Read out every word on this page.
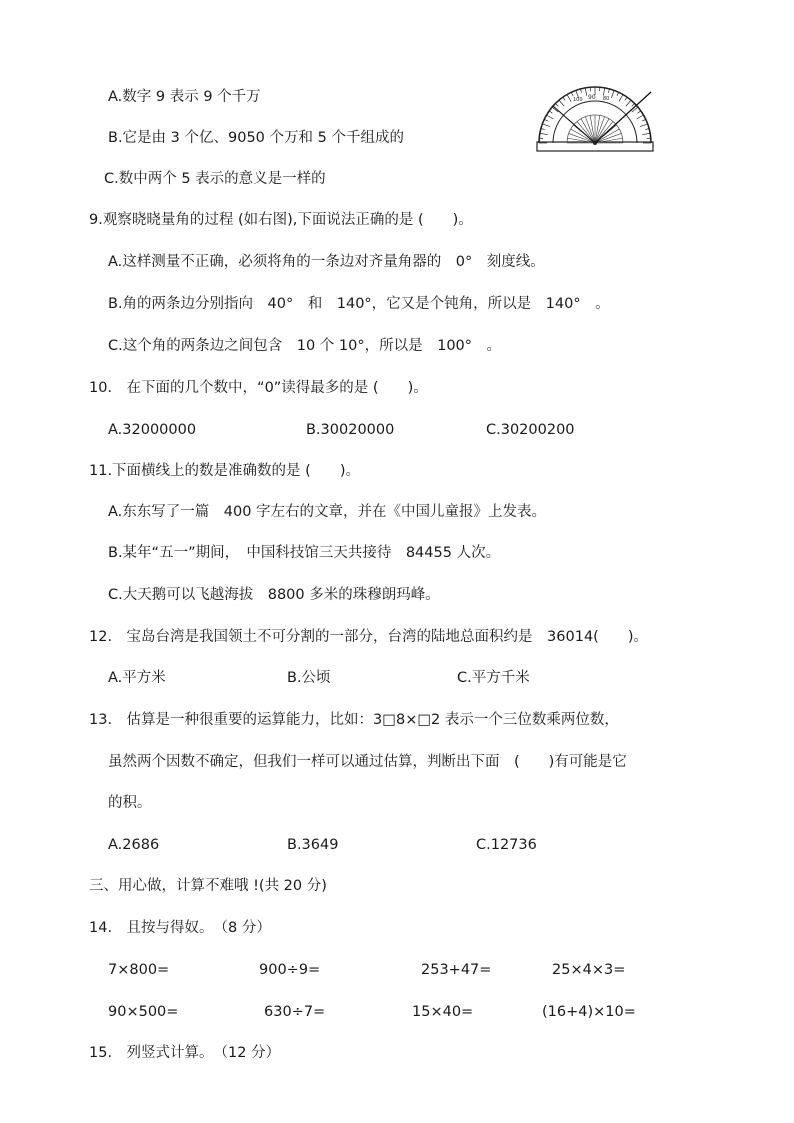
A.数字 9 表示 9 个千万
B.它是由 3 个亿、9050 个万和 5 个千组成的
C.数中两个 5 表示的意义是一样的
90 80
100
9.观察晓晓量角的过程 (如右图),下面说法正确的是 (　　)。
A.这样测量不正确，必须将角的一条边对齐量角器的　0°　刻度线。
B.角的两条边分别指向　40°　和　140°，它又是个钝角，所以是　140°　。
C.这个角的两条边之间包含　10 个 10°，所以是　100°　。
10.　在下面的几个数中，“0”读得最多的是 (　　)。
A.32000000	B.30020000	C.30200200
11.下面横线上的数是准确数的是 (　　)。
A.东东写了一篇　400 字左右的文章，并在《中国儿童报》上发表。
B.某年“五一”期间，　中国科技馆三天共接待　84455 人次。
C.大天鹅可以飞越海拔　8800 多米的珠穆朗玛峰。
12.　宝岛台湾是我国领土不可分割的一部分，台湾的陆地总面积约是　36014(　　)。
A.平方米	B.公顷	C.平方千米
13.　估算是一种很重要的运算能力，比如：3□8×□2 表示一个三位数乘两位数，
虽然两个因数不确定，但我们一样可以通过估算，判断出下面　(　　)有可能是它
的积。
A.2686	B.3649	C.12736
三、用心做，计算不难哦 !(共 20 分)
14.　且按与得奴。　（8 分）
7×800=	900÷9=	253+47=	25×4×3=
90×500=	630÷7=	15×40=	(16+4)×10=
15.　列竖式计算。　（12 分）
